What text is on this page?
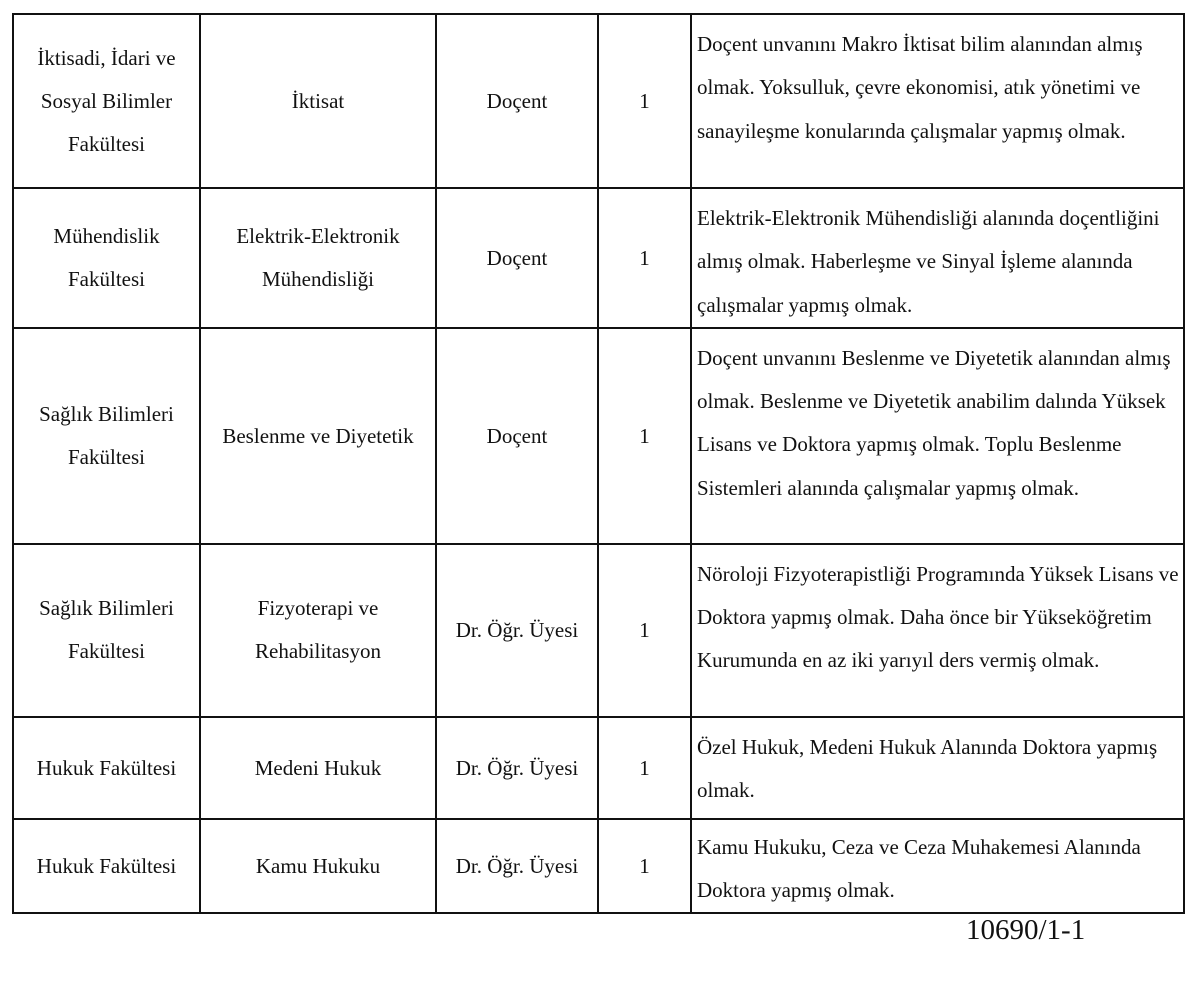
İktisadi, İdari ve Sosyal Bilimler Fakültesi	İktisat	Doçent	1	Doçent unvanını Makro İktisat bilim alanından almış olmak. Yoksulluk, çevre ekonomisi, atık yönetimi ve sanayileşme konularında çalışmalar yapmış olmak.
Mühendislik Fakültesi	Elektrik-Elektronik Mühendisliği	Doçent	1	Elektrik-Elektronik Mühendisliği alanında doçentliğini almış olmak. Haberleşme ve Sinyal İşleme alanında çalışmalar yapmış olmak.
Sağlık Bilimleri Fakültesi	Beslenme ve Diyetetik	Doçent	1	Doçent unvanını Beslenme ve Diyetetik alanından almış olmak. Beslenme ve Diyetetik anabilim dalında Yüksek Lisans ve Doktora yapmış olmak. Toplu Beslenme Sistemleri alanında çalışmalar yapmış olmak.
Sağlık Bilimleri Fakültesi	Fizyoterapi ve Rehabilitasyon	Dr. Öğr. Üyesi	1	Nöroloji Fizyoterapistliği Programında Yüksek Lisans ve Doktora yapmış olmak. Daha önce bir Yükseköğretim Kurumunda en az iki yarıyıl ders vermiş olmak.
Hukuk Fakültesi	Medeni Hukuk	Dr. Öğr. Üyesi	1	Özel Hukuk, Medeni Hukuk Alanında Doktora yapmış olmak.
Hukuk Fakültesi	Kamu Hukuku	Dr. Öğr. Üyesi	1	Kamu Hukuku, Ceza ve Ceza Muhakemesi Alanında Doktora yapmış olmak.
10690/1-1
